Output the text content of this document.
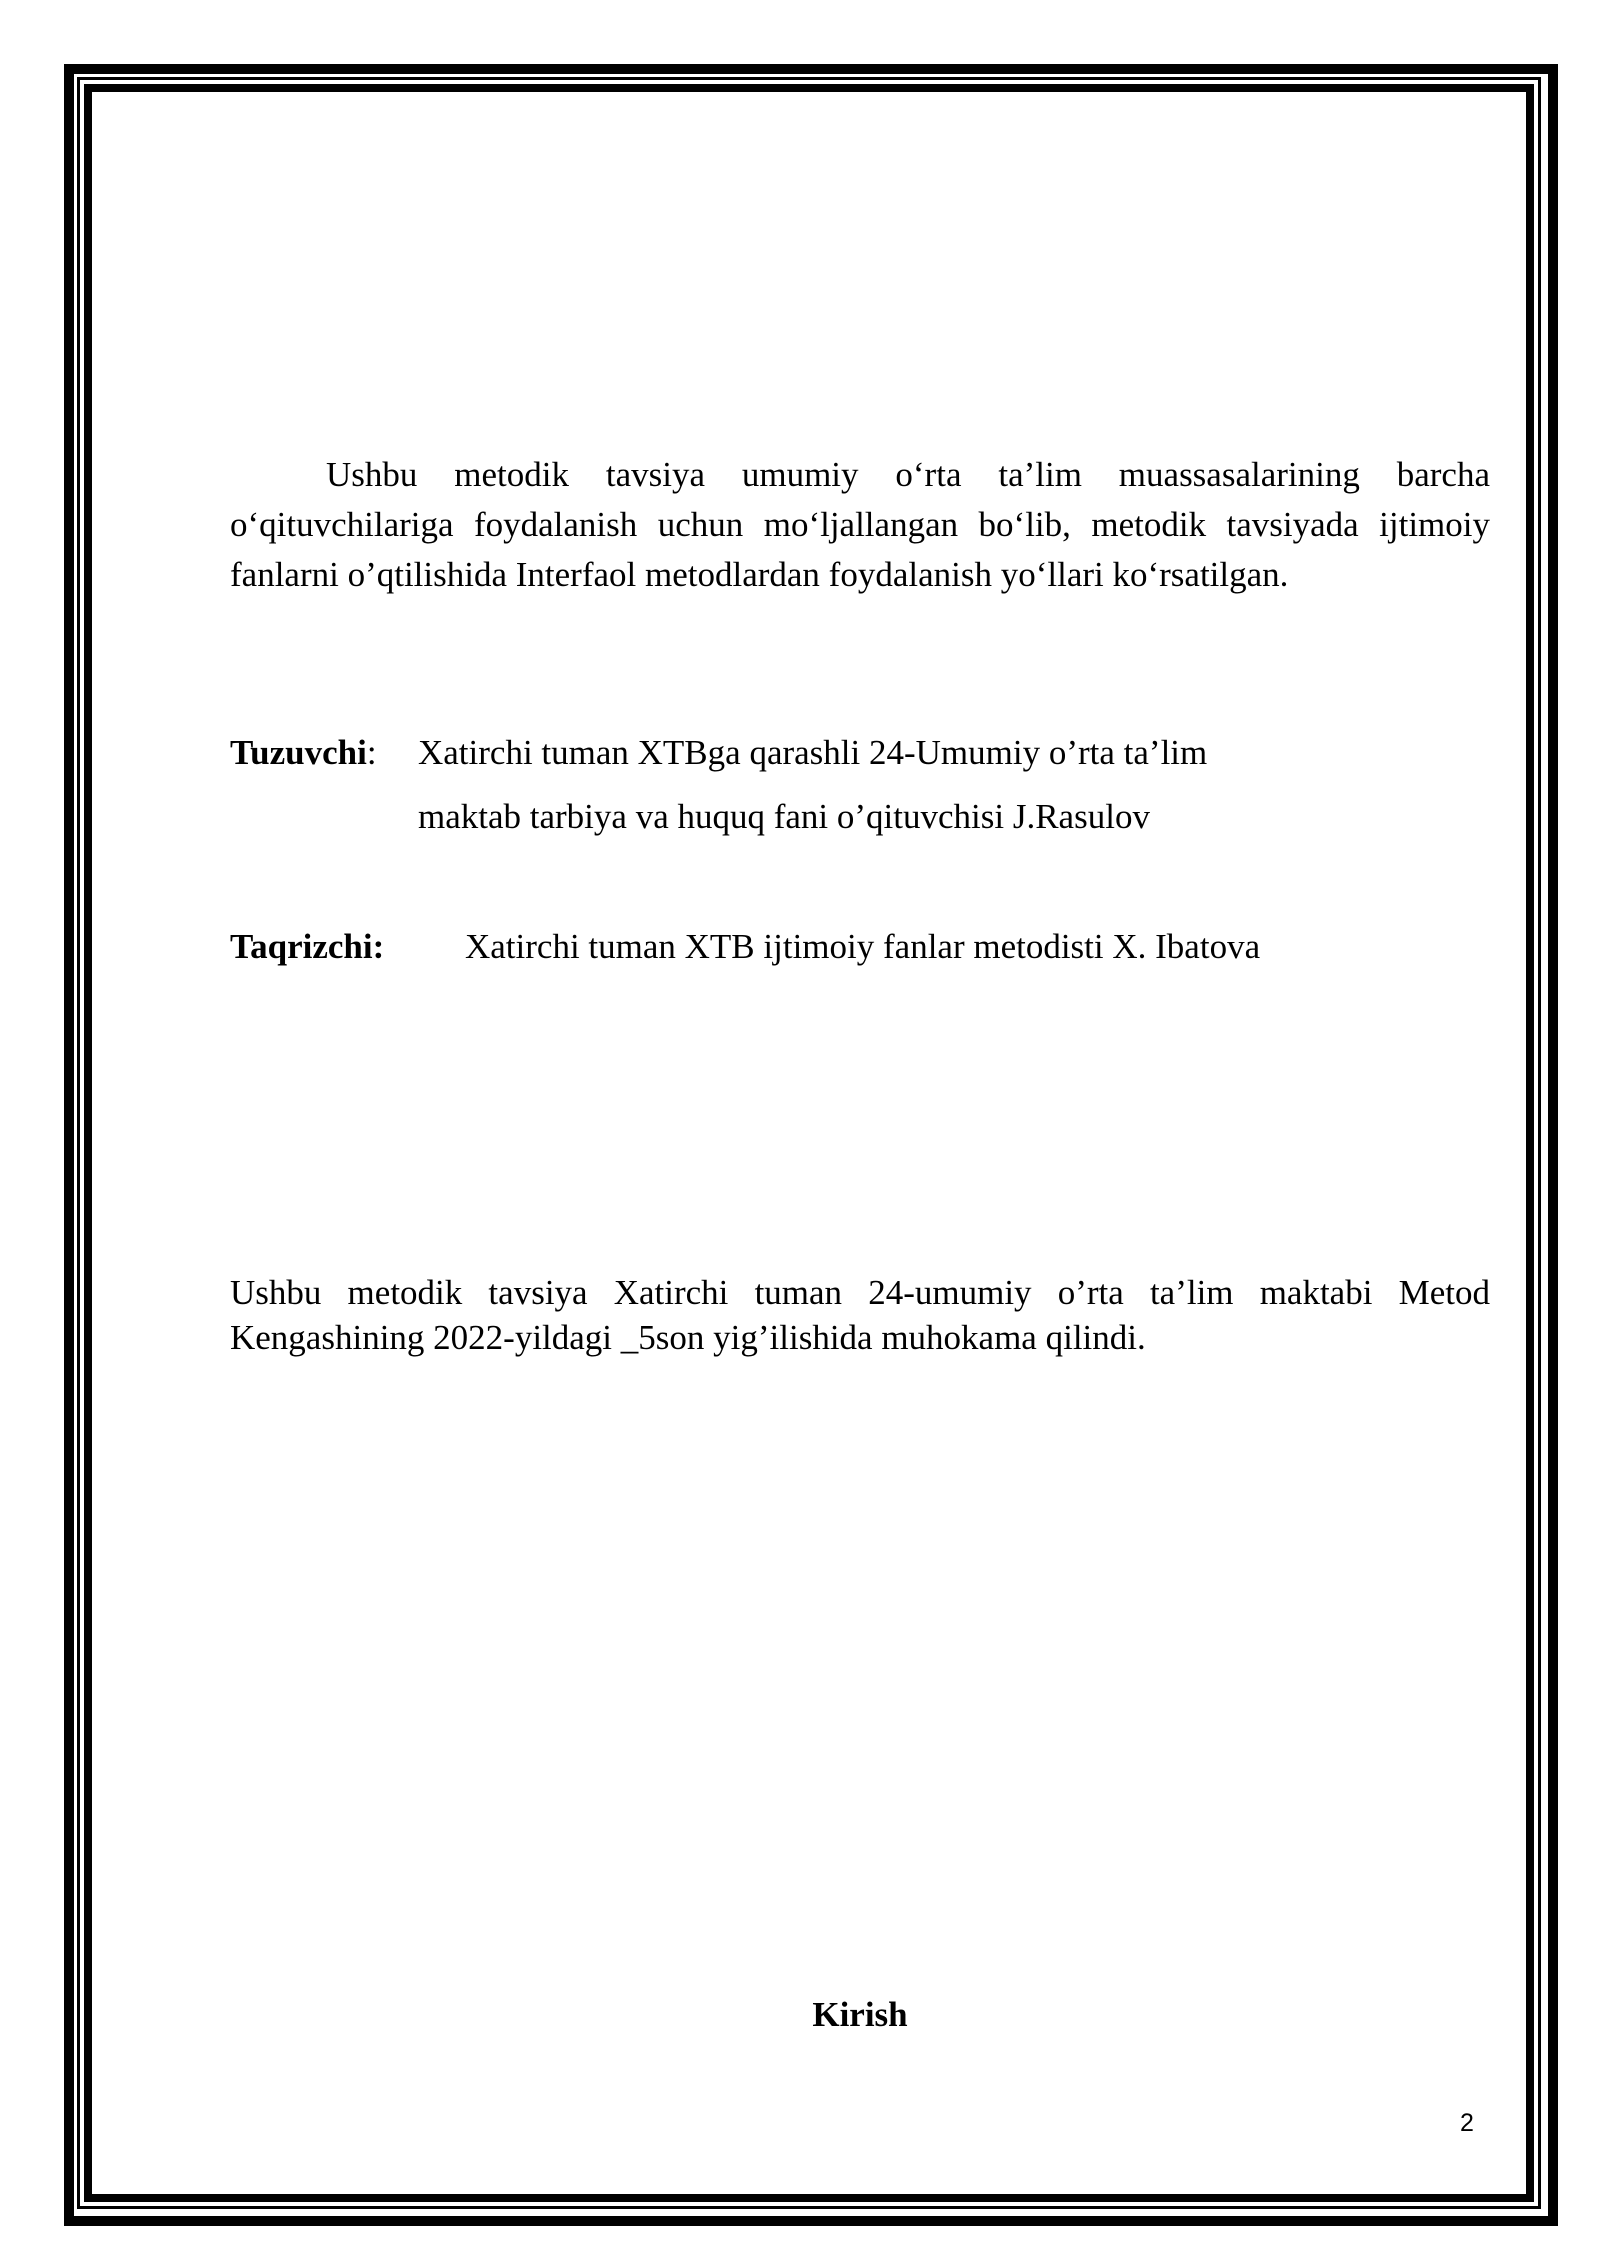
Ushbu metodik tavsiya umumiy o‘rta ta’lim muassasalarining barcha o‘qituvchilariga foydalanish uchun mo‘ljallangan bo‘lib, metodik tavsiyada ijtimoiy fanlarni o’qtilishida Interfaol metodlardan foydalanish yo‘llari ko‘rsatilgan.

Tuzuvchi: Xatirchi tuman XTBga qarashli 24-Umumiy o’rta ta’lim
maktab tarbiya va huquq fani o’qituvchisi J.Rasulov
Taqrizchi: Xatirchi tuman XTB ijtimoiy fanlar metodisti X. Ibatova

Ushbu metodik tavsiya Xatirchi tuman 24-umumiy o’rta ta’lim maktabi Metod Kengashining 2022-yildagi _5son yig’ilishida muhokama qilindi.

Kirish
2
